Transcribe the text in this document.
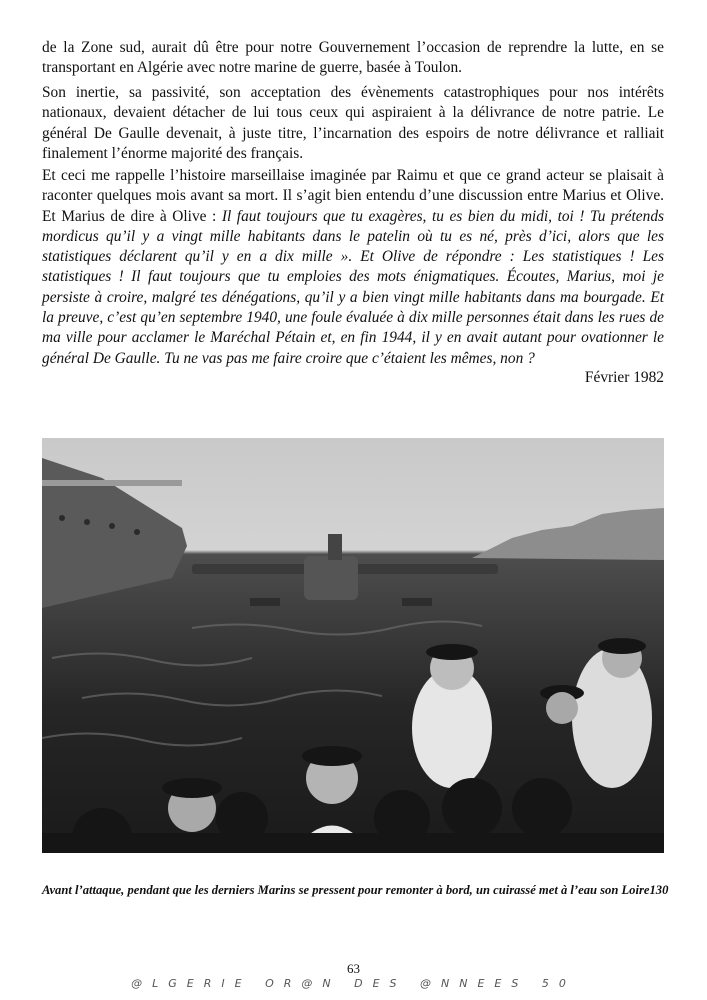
de la Zone sud, aurait dû être pour notre Gouvernement l’occasion de reprendre la lutte, en se transportant en Algérie avec notre marine de guerre, basée à Toulon.

Son inertie, sa passivité, son acceptation des évènements catastrophiques pour nos intérêts nationaux, devaient détacher de lui tous ceux qui aspiraient à la délivrance de notre patrie. Le général De Gaulle devenait, à juste titre, l’incarnation des espoirs de notre délivrance et ralliait finalement l’énorme majorité des français.

Et ceci me rappelle l’histoire marseillaise imaginée par Raimu et que ce grand acteur se plaisait à raconter quelques mois avant sa mort. Il s’agit bien entendu d’une discussion entre Marius et Olive. Et Marius de dire à Olive : Il faut toujours que tu exagères, tu es bien du midi, toi ! Tu prétends mordicus qu’il y a vingt mille habitants dans le patelin où tu es né, près d’ici, alors que les statistiques déclarent qu’il y en a dix mille ». Et Olive de répondre : Les statistiques ! Les statistiques ! Il faut toujours que tu emploies des mots énigmatiques. Écoutes, Marius, moi je persiste à croire, malgré tes dénégations, qu’il y a bien vingt mille habitants dans ma bourgade. Et la preuve, c’est qu’en septembre 1940, une foule évaluée à dix mille personnes était dans les rues de ma ville pour acclamer le Maréchal Pétain et, en fin 1944, il y en avait autant pour ovationner le général De Gaulle. Tu ne vas pas me faire croire que c’étaient les mêmes, non ?

Février 1982

Avant l’attaque, pendant que les derniers Marins se pressent pour remonter à bord, un cuirassé met à l’eau son Loire130

63
@LGERIE OR@N DES @NNEES 50
